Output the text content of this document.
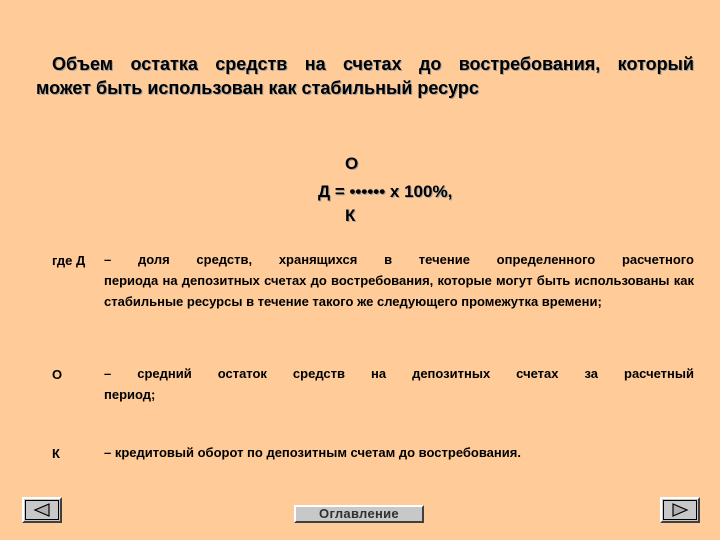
Объем остатка средств на счетах до востребования, который
может быть использован как стабильный ресурс
О
Д = •••••• х 100%,
К
где Д – доля средств, хранящихся в течение определенного расчетного
периода на депозитных счетах до востребования, которые могут быть использованы как стабильные ресурсы в течение такого же следующего промежутка времени;
О	– средний остаток средств на депозитных счетах за расчетный
период;
К	– кредитовый оборот по депозитным счетам до востребования.
Оглавление
